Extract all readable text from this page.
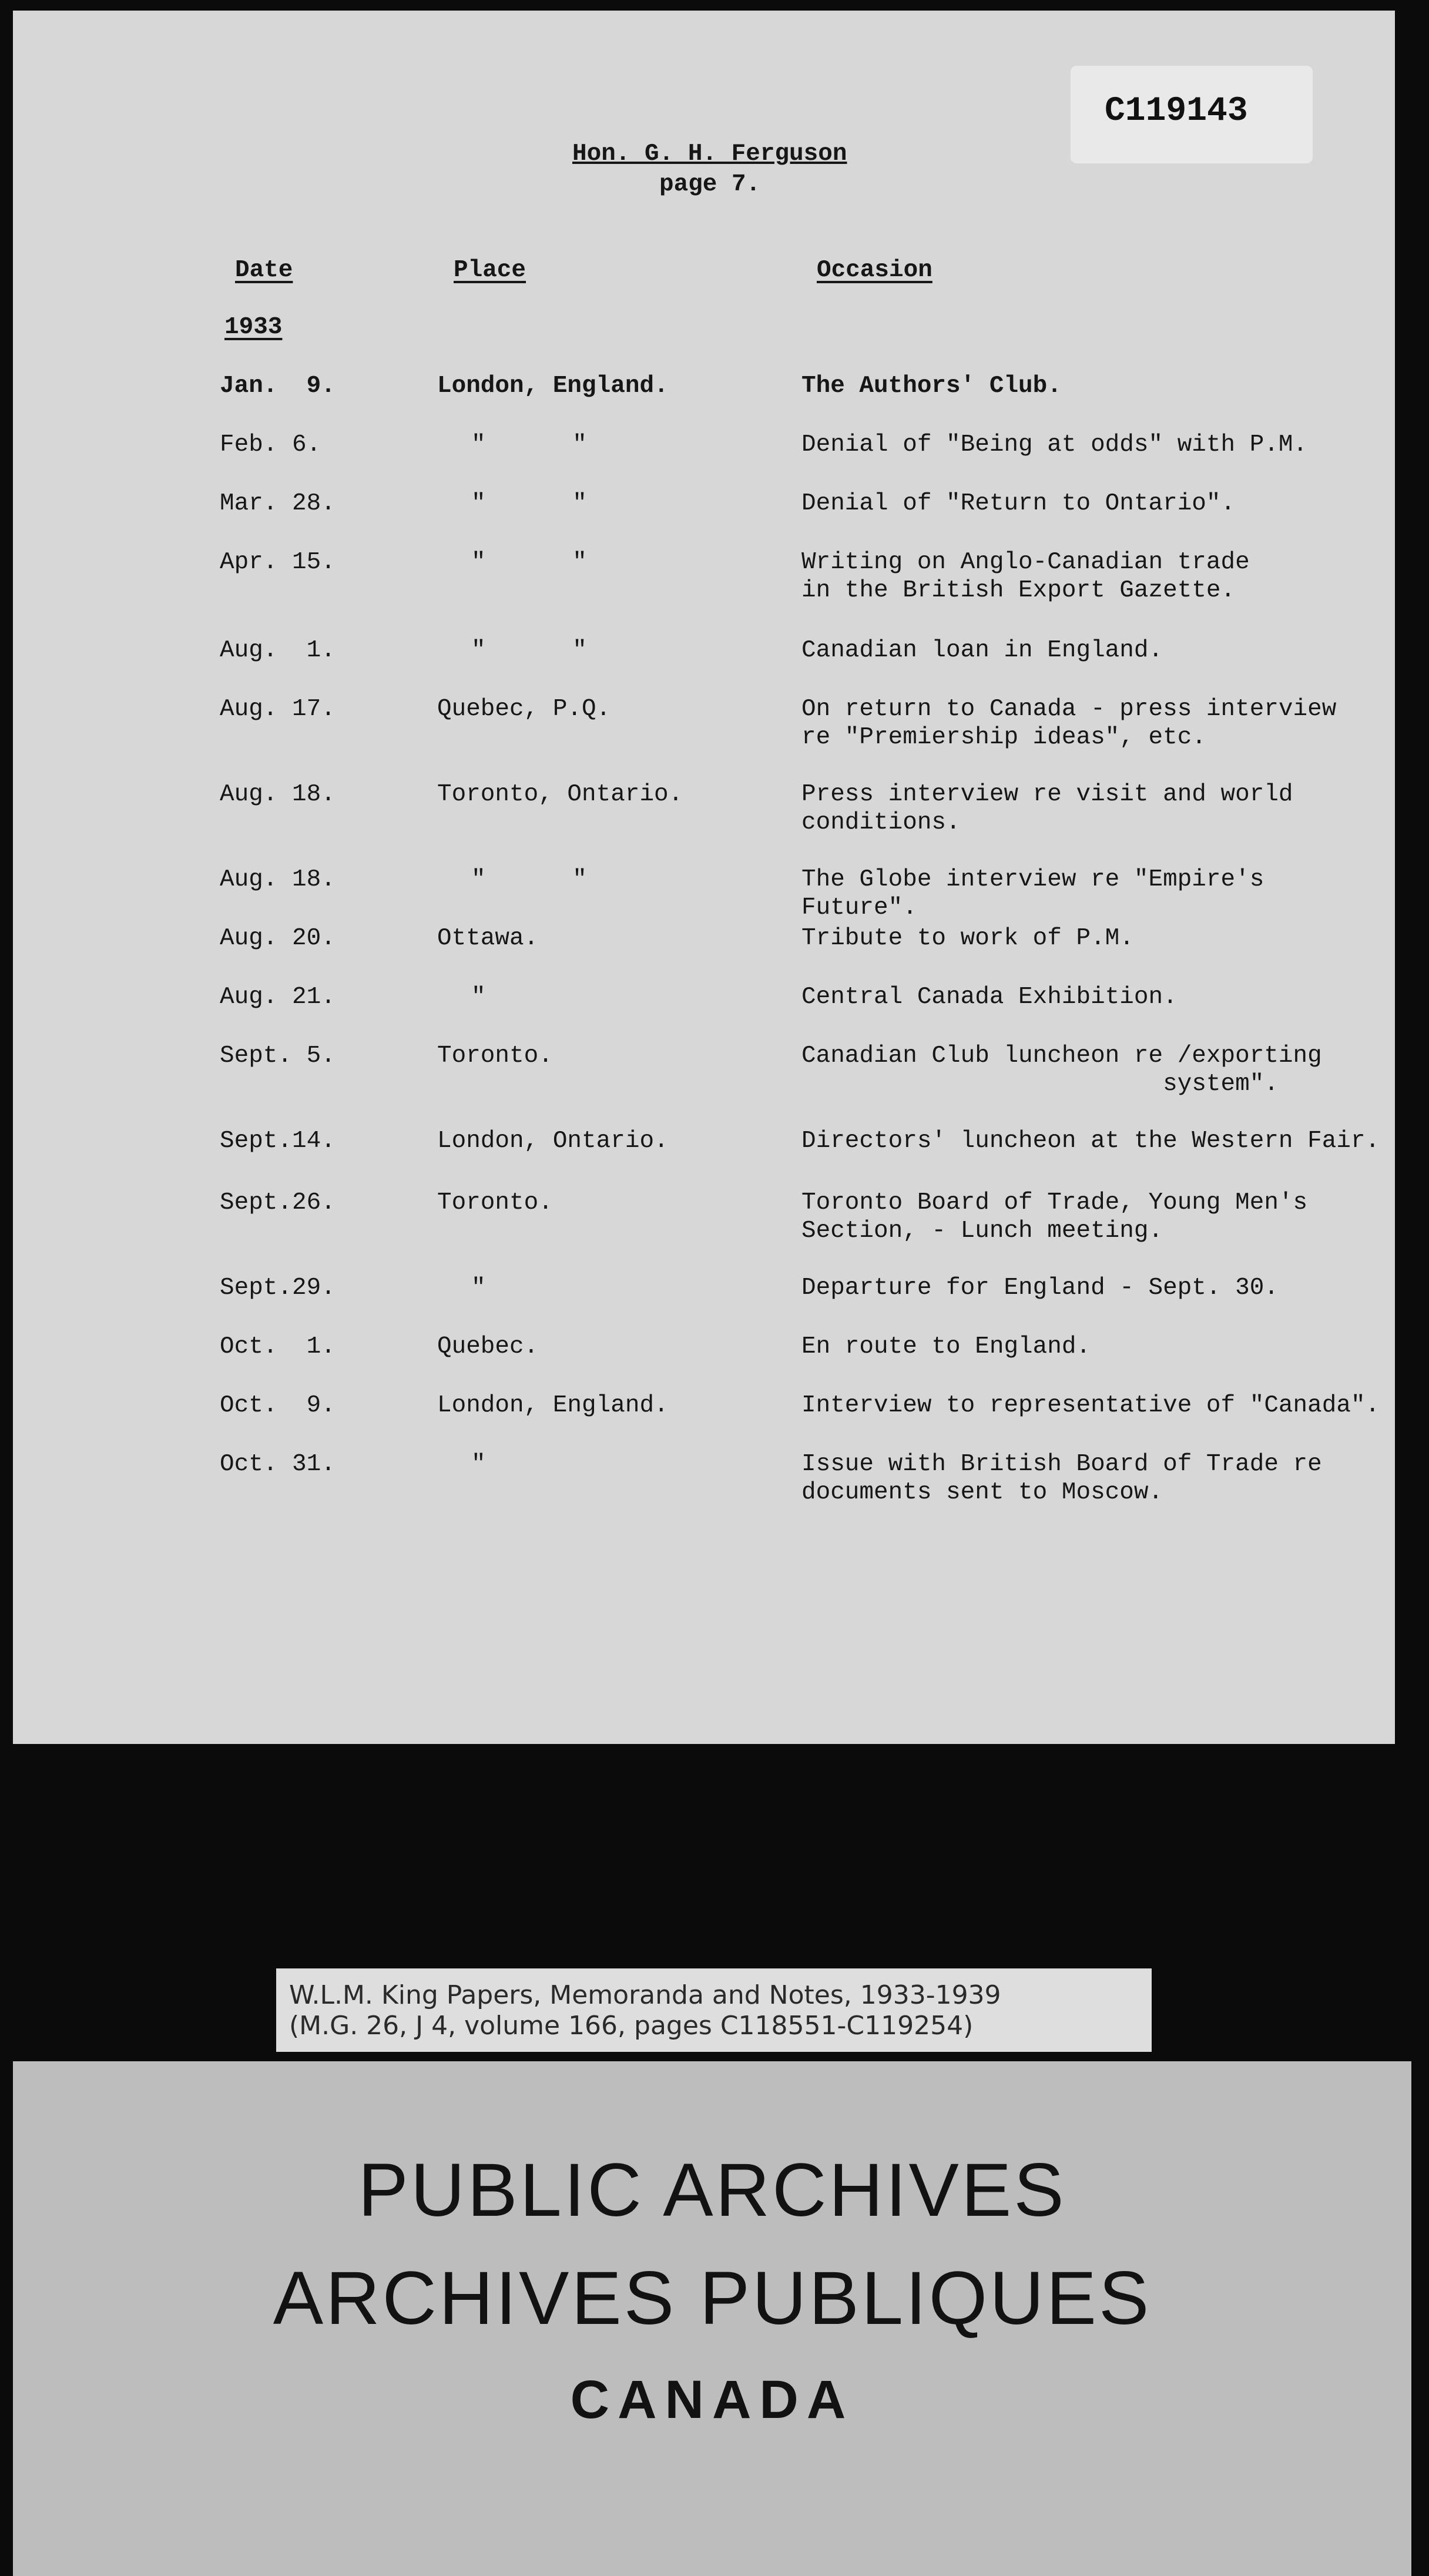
C119143
Hon. G. H. Ferguson
page 7.
Date	Place	Occasion
1933
Jan.  9.	London, England.	The Authors' Club.
Feb. 6.	"      "	Denial of "Being at odds" with P.M.
Mar. 28.	"      "	Denial of "Return to Ontario".
Apr. 15.	"      "	Writing on Anglo-Canadian trade
in the British Export Gazette.
Aug.  1.	"      "	Canadian loan in England.
Aug. 17.	Quebec, P.Q.	On return to Canada - press interview
re "Premiership ideas", etc.
Aug. 18.	Toronto, Ontario.	Press interview re visit and world
conditions.
Aug. 18.	"      "	The Globe interview re "Empire's Future".
Aug. 20.	Ottawa.	Tribute to work of P.M.
Aug. 21.	"	Central Canada Exhibition.
Sept. 5.	Toronto.	Canadian Club luncheon re /exporting
system".
Sept.14.	London, Ontario.	Directors' luncheon at the Western Fair.
Sept.26.	Toronto.	Toronto Board of Trade, Young Men's
Section, - Lunch meeting.
Sept.29.	"	Departure for England - Sept. 30.
Oct.  1.	Quebec.	En route to England.
Oct.  9.	London, England.	Interview to representative of "Canada".
Oct. 31.	"	Issue with British Board of Trade re
documents sent to Moscow.
W.L.M. King Papers, Memoranda and Notes, 1933-1939
(M.G. 26, J 4, volume 166, pages C118551-C119254)
PUBLIC ARCHIVES
ARCHIVES PUBLIQUES
CANADA
